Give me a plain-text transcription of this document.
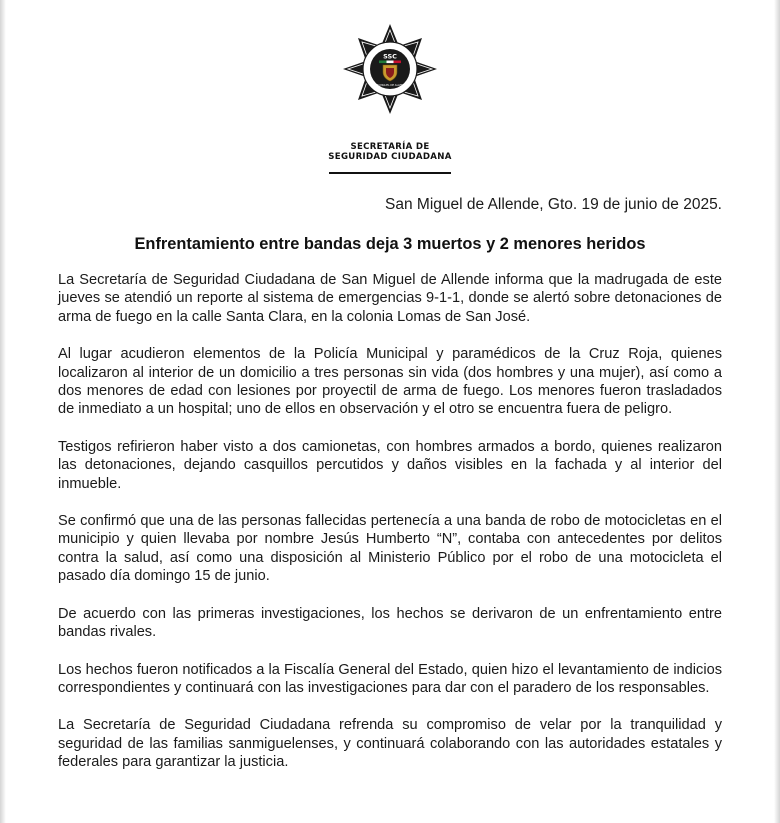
SSC
SAN MIGUEL DE ALLENDE
SECRETARÍA DE
SEGURIDAD CIUDADANA
San Miguel de Allende, Gto. 19 de junio de 2025.
Enfrentamiento entre bandas deja 3 muertos y 2 menores heridos

La Secretaría de Seguridad Ciudadana de San Miguel de Allende informa que la madrugada de este jueves se atendió un reporte al sistema de emergencias 9-1-1, donde se alertó sobre detonaciones de arma de fuego en la calle Santa Clara, en la colonia Lomas de San José.

Al lugar acudieron elementos de la Policía Municipal y paramédicos de la Cruz Roja, quienes localizaron al interior de un domicilio a tres personas sin vida (dos hombres y una mujer), así como a dos menores de edad con lesiones por proyectil de arma de fuego. Los menores fueron trasladados de inmediato a un hospital; uno de ellos en observación y el otro se encuentra fuera de peligro.

Testigos refirieron haber visto a dos camionetas, con hombres armados a bordo, quienes realizaron las detonaciones, dejando casquillos percutidos y daños visibles en la fachada y al interior del inmueble.

Se confirmó que una de las personas fallecidas pertenecía a una banda de robo de motocicletas en el municipio y quien llevaba por nombre Jesús Humberto “N”, contaba con antecedentes por delitos contra la salud, así como una disposición al Ministerio Público por el robo de una motocicleta el pasado día domingo 15 de junio.

De acuerdo con las primeras investigaciones, los hechos se derivaron de un enfrentamiento entre bandas rivales.

Los hechos fueron notificados a la Fiscalía General del Estado, quien hizo el levantamiento de indicios correspondientes y continuará con las investigaciones para dar con el paradero de los responsables.

La Secretaría de Seguridad Ciudadana refrenda su compromiso de velar por la tranquilidad y seguridad de las familias sanmiguelenses, y continuará colaborando con las autoridades estatales y federales para garantizar la justicia.
